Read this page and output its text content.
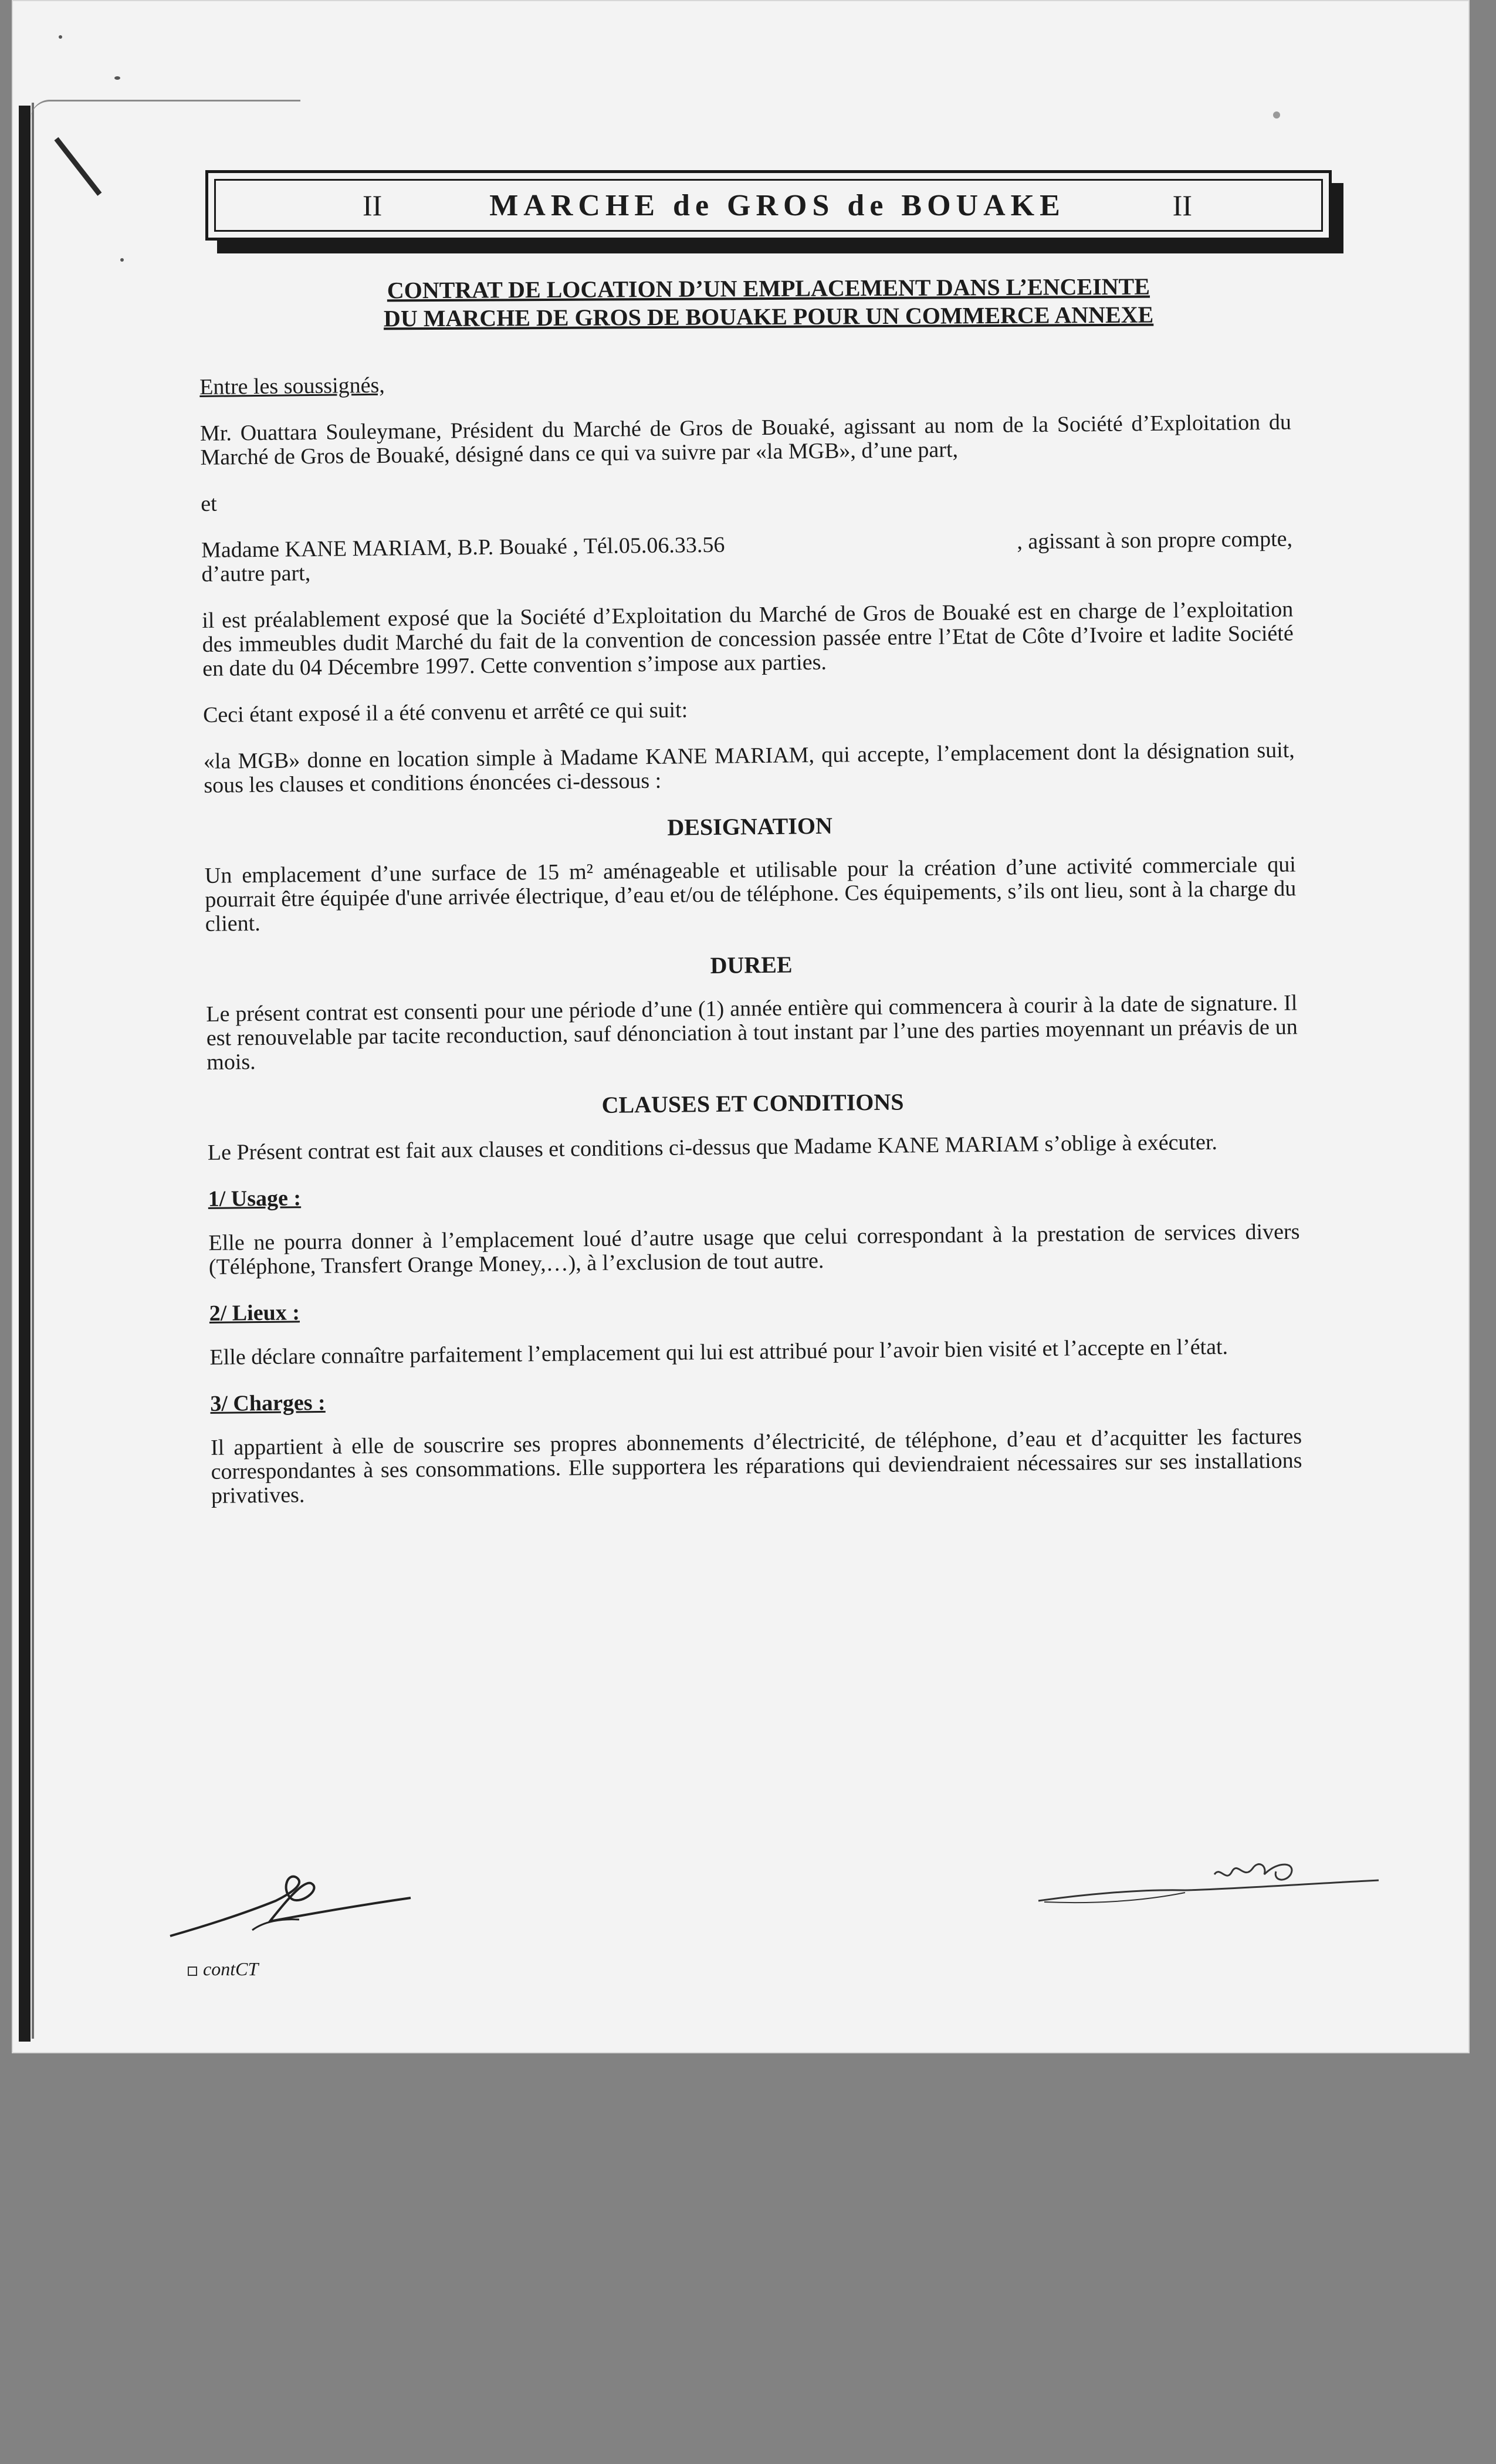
II	MARCHE de GROS de BOUAKE	II
CONTRAT DE LOCATION D’UN EMPLACEMENT DANS L’ENCEINTE
DU MARCHE DE GROS DE BOUAKE POUR UN COMMERCE ANNEXE

Entre les soussignés,

Mr. Ouattara Souleymane, Président du Marché de Gros de Bouaké, agissant au nom de la Société d’Exploitation du Marché de Gros de Bouaké, désigné dans ce qui va suivre par «la MGB», d’une part,

et

Madame KANE MARIAM, B.P. Bouaké , Tél.05.06.33.56	, agissant à son propre compte,
d’autre part,

il est préalablement exposé que la Société d’Exploitation du Marché de Gros de Bouaké est en charge de l’exploitation des immeubles dudit Marché du fait de la convention de concession passée entre l’Etat de Côte d’Ivoire et ladite Société en date du 04 Décembre 1997. Cette convention s’impose aux parties.

Ceci étant exposé il a été convenu et arrêté ce qui suit:

«la MGB» donne en location simple à Madame KANE MARIAM, qui accepte, l’emplacement dont la désignation suit, sous les clauses et conditions énoncées ci-dessous :

DESIGNATION

Un emplacement d’une surface de 15 m² aménageable et utilisable pour la création d’une activité commerciale qui pourrait être équipée d'une arrivée électrique, d’eau et/ou de téléphone. Ces équipements, s’ils ont lieu, sont à la charge du client.

DUREE

Le présent contrat est consenti pour une période d’une (1) année entière qui commencera à courir à la date de signature. Il est renouvelable par tacite reconduction, sauf dénonciation à tout instant par l’une des parties moyennant un préavis de un mois.

CLAUSES ET CONDITIONS

Le Présent contrat est fait aux clauses et conditions ci-dessus que Madame KANE MARIAM s’oblige à exécuter.

1/ Usage :

Elle ne pourra donner à l’emplacement loué d’autre usage que celui correspondant à la prestation de services divers (Téléphone, Transfert Orange Money,…), à l’exclusion de tout autre.

2/ Lieux :

Elle déclare connaître parfaitement l’emplacement qui lui est attribué pour l’avoir bien visité et l’accepte en l’état.

3/ Charges :

Il appartient à elle de souscrire ses propres abonnements d’électricité, de téléphone, d’eau et d’acquitter les factures correspondantes à ses consommations. Elle supportera les réparations qui deviendraient nécessaires sur ses installations privatives.

contCT
